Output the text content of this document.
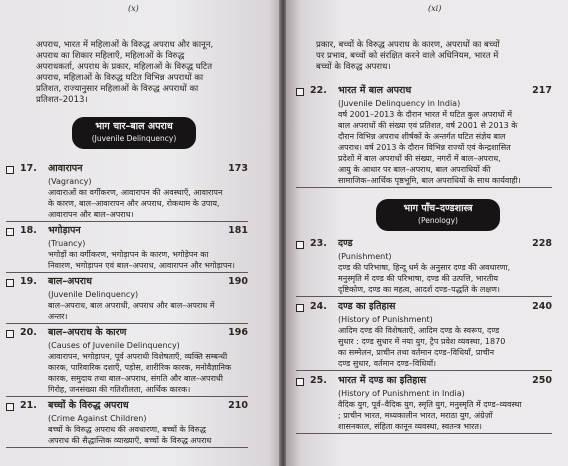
(x)
अपराध, भारत में महिलाओं के विरुद्ध अपराध और कानून,
अपराध का शिकार महिलाएँ, महिलाओं के विरुद्ध
अपराधकर्ता, अपराध के प्रकार, महिलाओं के विरुद्ध घटित
अपराध, महिलाओं के विरुद्ध घटित विभिन्न अपराधों का
प्रतिशत, राज्यानुसार महिलाओं के विरुद्ध अपराधों का
प्रतिशत–2013।
भाग चार–बाल अपराध
(Juvenile Delinquency)
17. आवारापन	173
(Vagrancy)
आवाराओं का वर्गीकरण, आवारापन की अवस्थाएँ, आवारापन
के कारण, बाल–आवारापन और अपराध, रोकथाम के उपाय,
आवारापन और बाल–अपराध।
18. भगोड़ापन	181
(Truancy)
भगोड़ों का वर्गीकरण, भगोड़ापन के कारण, भगोड़ेपन का
निवारण, भगोड़ापन एवं बाल–अपराध, आवारापन और भगोड़ापन।
19. बाल–अपराध	190
(Juvenile Delinquency)
बाल–अपराध, बाल अपराधी, अपराध और बाल–अपराध में
अन्तर।
20. बाल–अपराध के कारण	196
(Causes of Juvenile Delinquency)
आवारापन, भगोड़ापन, पूर्व अपराधी विशेषताएँ, व्यक्ति सम्बन्धी
कारक, पारिवारिक दशाएँ, पड़ोस, शारीरिक कारक, मनोवैज्ञानिक
कारक, समुदाय तथा बाल–अपराध, संगति और बाल–अपराधी
गिरोह, जनसंख्या की गतिशीलता, आर्थिक कारक।
21. बच्चों के विरुद्ध अपराध	210
(Crime Against Children)
बच्चों के विरुद्ध अपराध की अवधारणा, बच्चों के विरुद्ध
अपराध की सैद्धान्तिक व्याख्याएँ, बच्चों के विरुद्ध अपराध
(xi)
प्रकार, बच्चों के विरुद्ध अपराध के कारण, अपराधों का बच्चों
पर प्रभाव, बच्चों को संरक्षित करने वाले अधिनियम, भारत में
बच्चों के विरुद्ध अपराध।
22. भारत में बाल अपराध	217
(Juvenile Delinquency in India)
वर्ष 2001–2013 के दौरान भारत में घटित कुल अपराधों में
बाल अपराधों की संख्या एवं प्रतिशत, वर्ष 2001 से 2013 के
दौरान विभिन्न अपराध शीर्षकों के अन्तर्गत घटित संज्ञेय बाल
अपराध। वर्ष 2013 के दौरान विभिन्न राज्यों एवं केन्द्रशासित
प्रदेशों में बाल अपराधों की संख्या, नगरों में बाल–अपराध,
आयु के आधार पर बाल–अपराध, बाल अपराधियों की
सामाजिक–आर्थिक पृष्ठभूमि, बाल अपराधियों के साथ कार्यवाही।
भाग पाँच–दण्डशास्त्र
(Penology)
23. दण्ड	228
(Punishment)
दण्ड की परिभाषा, हिन्दू धर्म के अनुसार दण्ड की अवधारणा,
मनुस्मृति में दण्ड की परिभाषा, दण्ड की उत्पत्ति, भारतीय
दृष्टिकोण, दण्ड का महत्व, आदर्श दण्ड–पद्धति के लक्षण।
24. दण्ड का इतिहास	240
(History of Punishment)
आदिम दण्ड की विशेषताएँ, आदिम दण्ड के स्वरूप, दण्ड
सुधार : दण्ड सुधार में नया युग, ट्रैप प्रवेश व्यवस्था, 1870
का सम्मेलन, प्राचीन तथा वर्तमान दण्ड–विधियाँ, प्राचीन
दण्ड सुधार, वर्तमान दण्ड–विधियाँ।
25. भारत में दण्ड का इतिहास	250
(History of Punishment in India)
वैदिक युग, पूर्व–वैदिक युग, स्मृति युग, मनुस्मृति में दण्ड–व्यवस्था
; प्राचीन भारत, मध्यकालीन भारत, मराठा युग, अंग्रेज़ों
शासनकाल, संहिता कानून व्यवस्था, स्वतन्त्र भारत।
